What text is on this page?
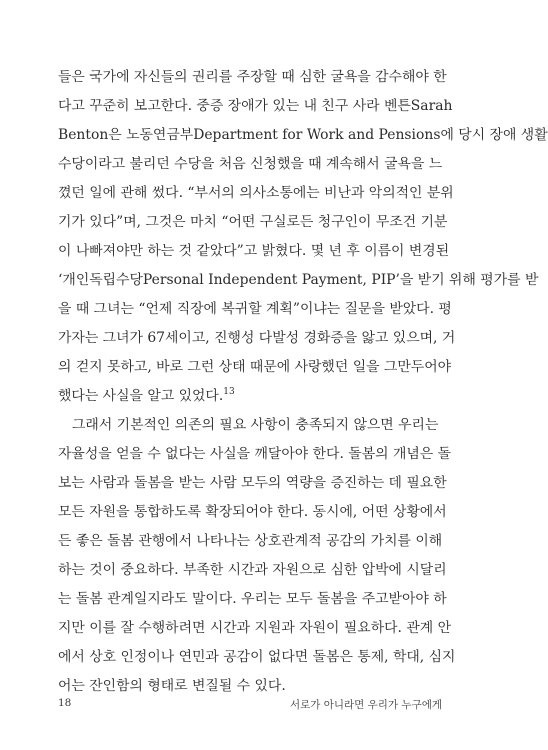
들은 국가에 자신들의 권리를 주장할 때 심한 굴욕을 감수해야 한
다고 꾸준히 보고한다. 중증 장애가 있는 내 친구 사라 벤튼Sarah
Benton은 노동연금부Department for Work and Pensions에 당시 장애 생활
수당이라고 불리던 수당을 처음 신청했을 때 계속해서 굴욕을 느
꼈던 일에 관해 썼다. “부서의 의사소통에는 비난과 악의적인 분위
기가 있다”며, 그것은 마치 “어떤 구실로든 청구인이 무조건 기분
이 나빠져야만 하는 것 같았다”고 밝혔다. 몇 년 후 이름이 변경된
‘개인독립수당Personal Independent Payment, PIP’을 받기 위해 평가를 받
을 때 그녀는 “언제 직장에 복귀할 계획”이냐는 질문을 받았다. 평
가자는 그녀가 67세이고, 진행성 다발성 경화증을 앓고 있으며, 거
의 걷지 못하고, 바로 그런 상태 때문에 사랑했던 일을 그만두어야
했다는 사실을 알고 있었다.$^{13}$
그래서 기본적인 의존의 필요 사항이 충족되지 않으면 우리는
자율성을 얻을 수 없다는 사실을 깨달아야 한다. 돌봄의 개념은 돌
보는 사람과 돌봄을 받는 사람 모두의 역량을 증진하는 데 필요한
모든 자원을 통합하도록 확장되어야 한다. 동시에, 어떤 상황에서
든 좋은 돌봄 관행에서 나타나는 상호관계적 공감의 가치를 이해
하는 것이 중요하다. 부족한 시간과 자원으로 심한 압박에 시달리
는 돌봄 관계일지라도 말이다. 우리는 모두 돌봄을 주고받아야 하
지만 이를 잘 수행하려면 시간과 지원과 자원이 필요하다. 관계 안
에서 상호 인정이나 연민과 공감이 없다면 돌봄은 통제, 학대, 심지
어는 잔인함의 형태로 변질될 수 있다.
18	서로가 아니라면 우리가 누구에게
